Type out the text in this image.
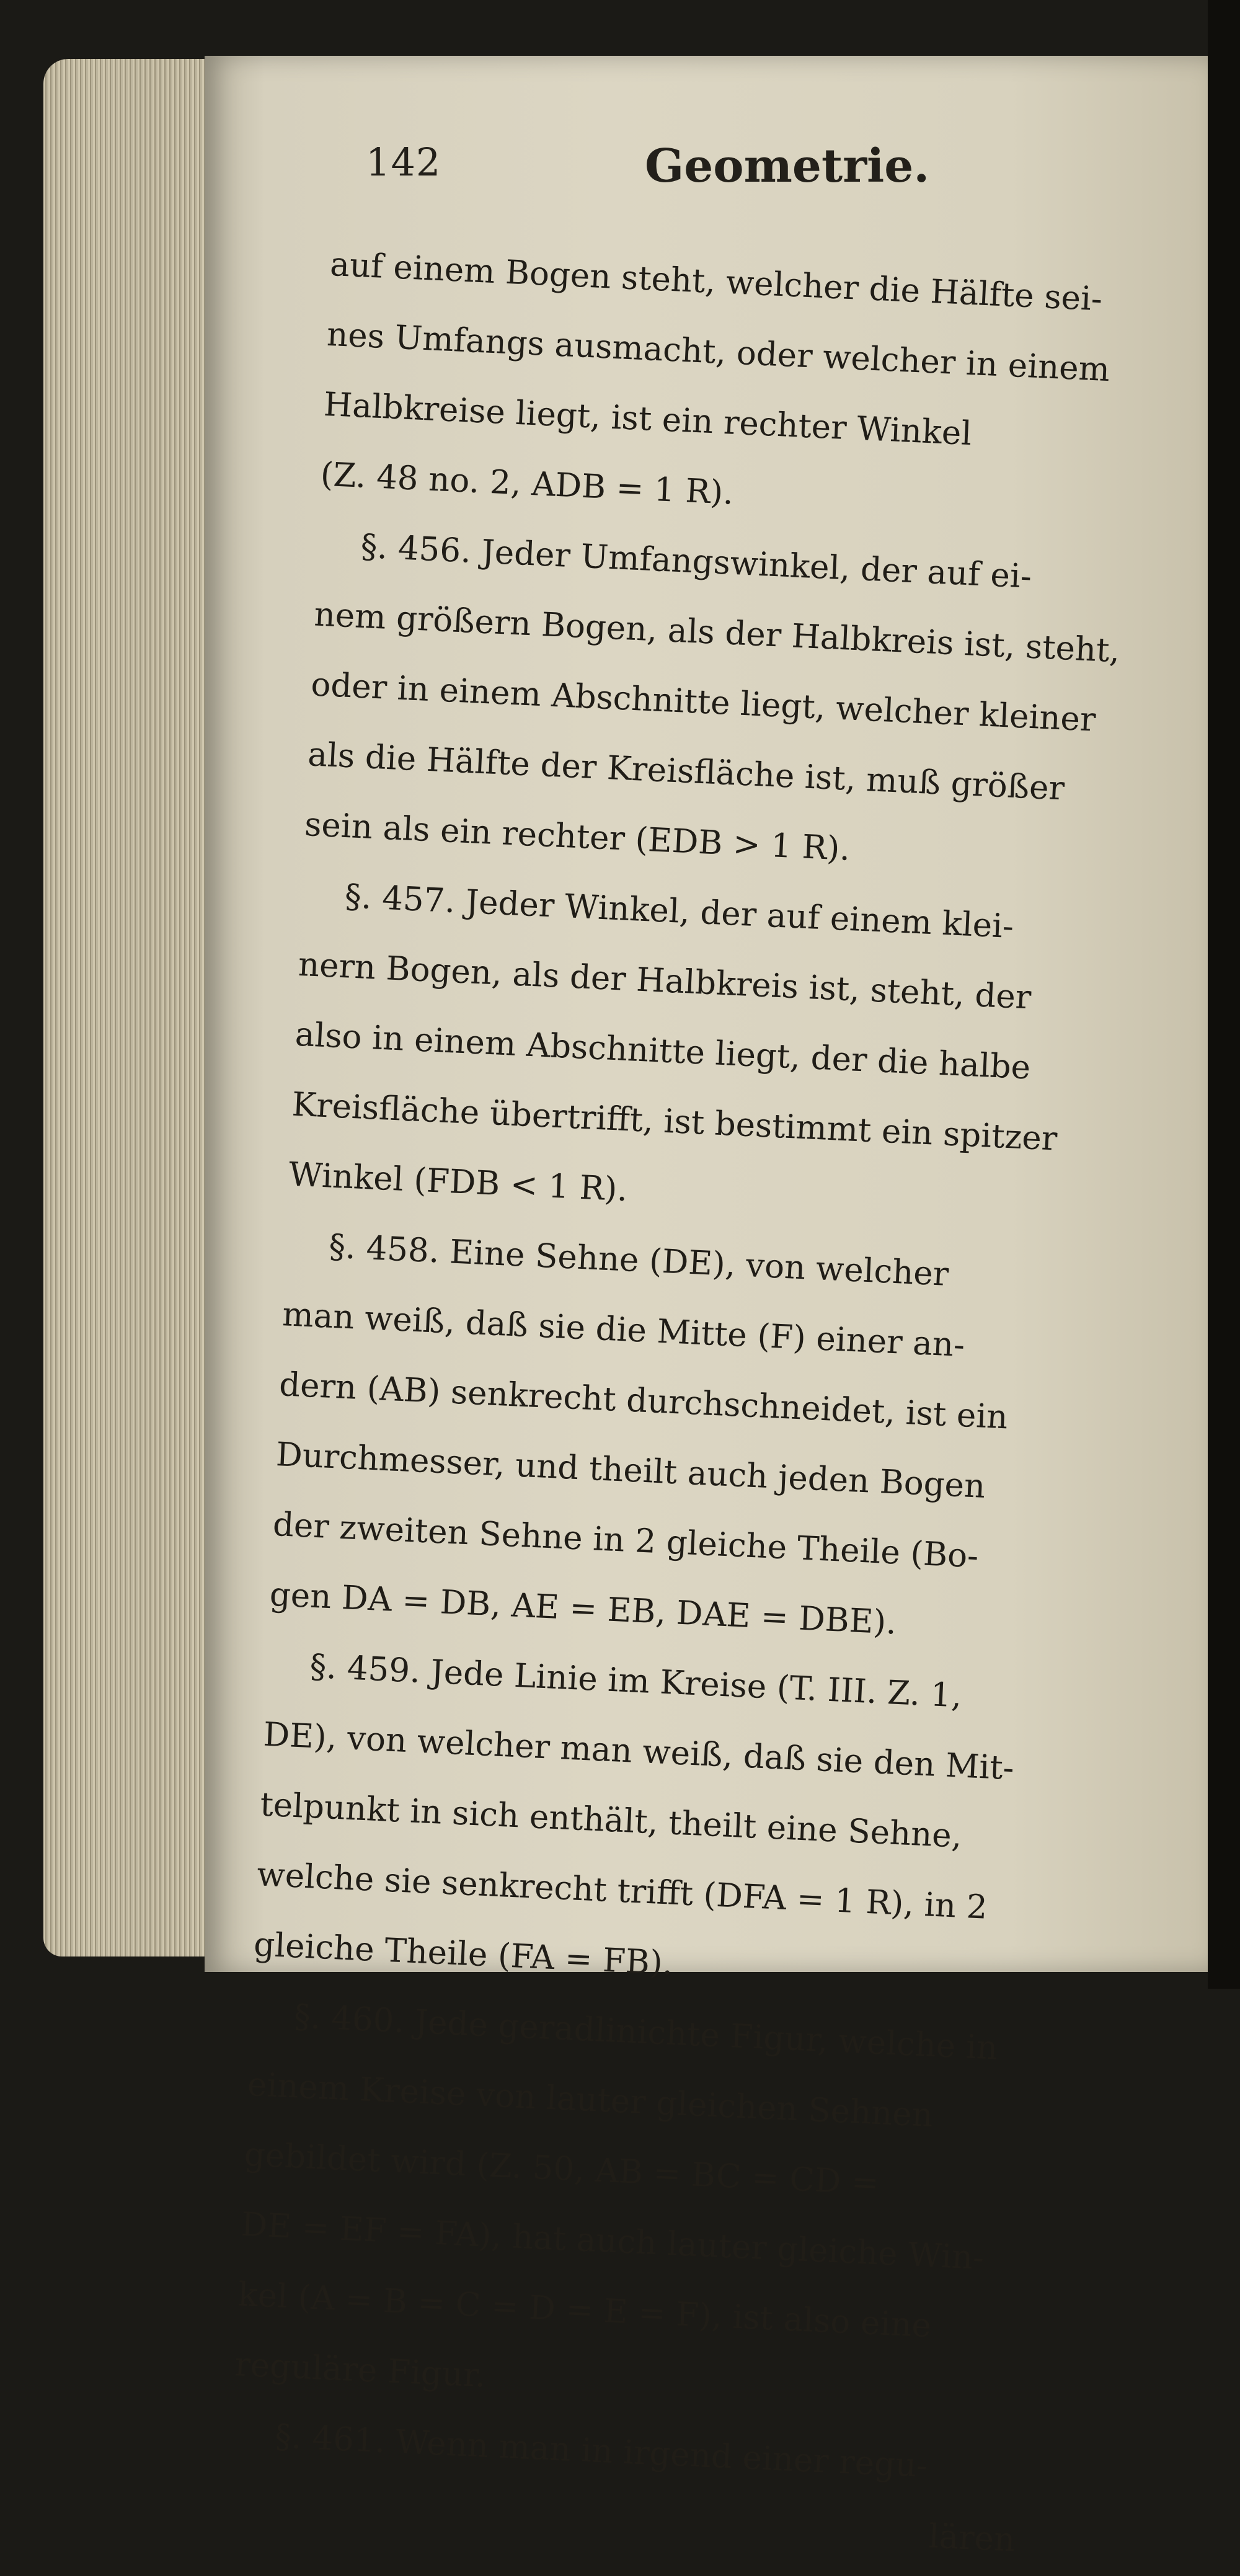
142	Geometrie.
auf einem Bogen steht, welcher die Hälfte sei-
nes Umfangs ausmacht, oder welcher in einem
Halbkreise liegt, ist ein rechter Winkel
(Z. 48 no. 2, ADB = 1 R).
§. 456. Jeder Umfangswinkel, der auf ei-
nem größern Bogen, als der Halbkreis ist, steht,
oder in einem Abschnitte liegt, welcher kleiner
als die Hälfte der Kreisfläche ist, muß größer
sein als ein rechter (EDB > 1 R).
§. 457. Jeder Winkel, der auf einem klei-
nern Bogen, als der Halbkreis ist, steht, der
also in einem Abschnitte liegt, der die halbe
Kreisfläche übertrifft, ist bestimmt ein spitzer
Winkel (FDB < 1 R).
§. 458. Eine Sehne (DE), von welcher
man weiß, daß sie die Mitte (F) einer an-
dern (AB) senkrecht durchschneidet, ist ein
Durchmesser, und theilt auch jeden Bogen
der zweiten Sehne in 2 gleiche Theile (Bo-
gen DA = DB, AE = EB, DAE = DBE).
§. 459. Jede Linie im Kreise (T. III. Z. 1,
DE), von welcher man weiß, daß sie den Mit-
telpunkt in sich enthält, theilt eine Sehne,
welche sie senkrecht trifft (DFA = 1 R), in 2
gleiche Theile (FA = FB).
§. 460. Jede geradlinichte Figur, welche in
einem Kreise von lauter gleichen Sehnen
gebildet wird (Z. 50, AB = BC = CD =
DE = EF = FA), hat auch lauter gleiche Win-
kel (A = B = C = D = E = F), ist also eine
reguläre Figur.
§. 461. Wenn man in irgend einer regu-
lären
